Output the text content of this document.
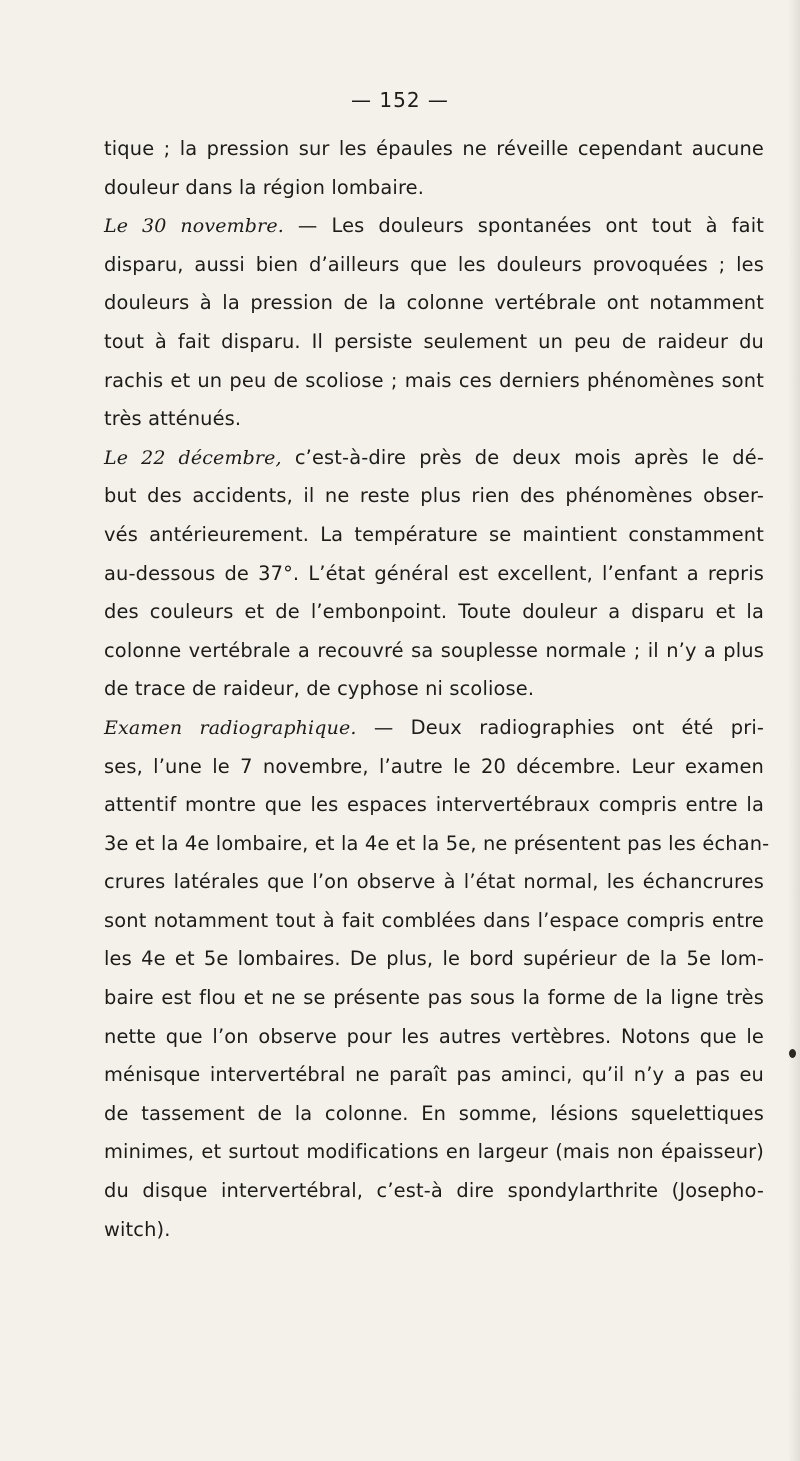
— 152 —
tique ; la pression sur les épaules ne réveille cependant aucune
douleur dans la région lombaire.
Le 30 novembre. — Les douleurs spontanées ont tout à fait
disparu, aussi bien d’ailleurs que les douleurs provoquées ; les
douleurs à la pression de la colonne vertébrale ont notamment
tout à fait disparu. Il persiste seulement un peu de raideur du
rachis et un peu de scoliose ; mais ces derniers phénomènes sont
très atténués.
Le 22 décembre, c’est-à-dire près de deux mois après le dé-
but des accidents, il ne reste plus rien des phénomènes obser-
vés antérieurement. La température se maintient constamment
au-dessous de 37°. L’état général est excellent, l’enfant a repris
des couleurs et de l’embonpoint. Toute douleur a disparu et la
colonne vertébrale a recouvré sa souplesse normale ; il n’y a plus
de trace de raideur, de cyphose ni scoliose.
Examen radiographique. — Deux radiographies ont été pri-
ses, l’une le 7 novembre, l’autre le 20 décembre. Leur examen
attentif montre que les espaces intervertébraux compris entre la
3e et la 4e lombaire, et la 4e et la 5e, ne présentent pas les échan-
crures latérales que l’on observe à l’état normal, les échancrures
sont notamment tout à fait comblées dans l’espace compris entre
les 4e et 5e lombaires. De plus, le bord supérieur de la 5e lom-
baire est flou et ne se présente pas sous la forme de la ligne très
nette que l’on observe pour les autres vertèbres. Notons que le
ménisque intervertébral ne paraît pas aminci, qu’il n’y a pas eu
de tassement de la colonne. En somme, lésions squelettiques
minimes, et surtout modifications en largeur (mais non épaisseur)
du disque intervertébral, c’est-à dire spondylarthrite (Josepho-
witch).
